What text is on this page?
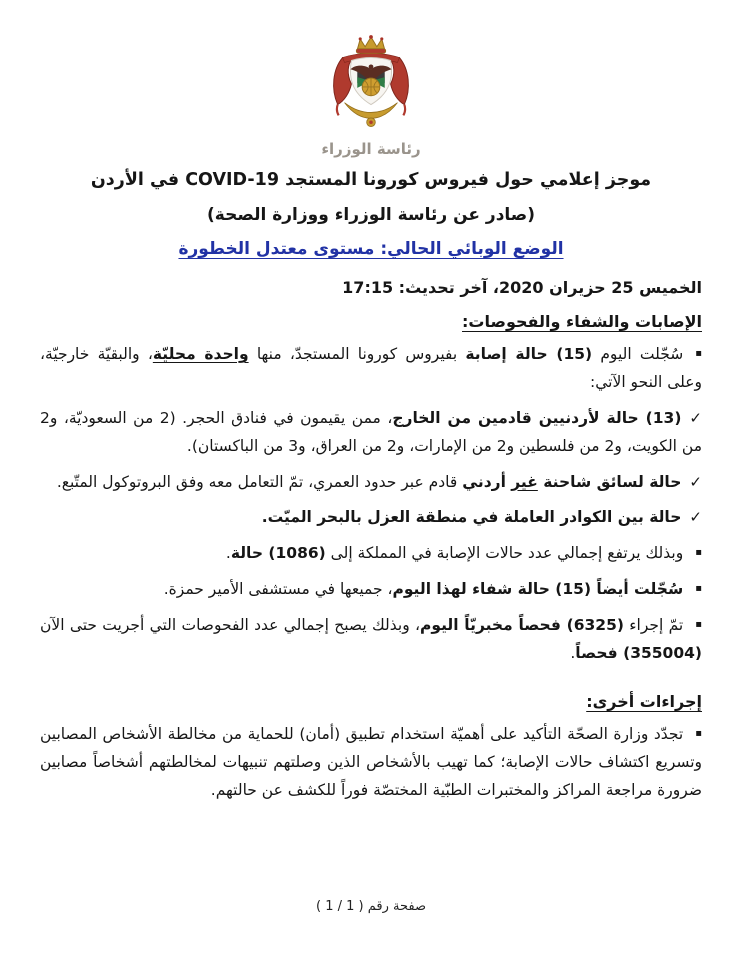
رئاسة الوزراء
موجز إعلامي حول فيروس كورونا المستجد COVID-19 في الأردن
(صادر عن رئاسة الوزراء ووزارة الصحة)
الوضع الوبائي الحالي: مستوى معتدل الخطورة
الخميس 25 حزيران 2020، آخر تحديث: 17:15
الإصابات والشفاء والفحوصات:
▪سُجّلت اليوم (15) حالة إصابة بفيروس كورونا المستجدّ، منها واحدة محليّة، والبقيّة خارجيّة، وعلى النحو الآتي:
✓(13) حالة لأردنيين قادمين من الخارج، ممن يقيمون في فنادق الحجر. (2 من السعوديّة، و2 من الكويت، و2 من فلسطين و2 من الإمارات، و2 من العراق، و3 من الباكستان).
✓حالة لسائق شاحنة غير أردني قادم عبر حدود العمري، تمّ التعامل معه وفق البروتوكول المتّبع.
✓حالة بين الكوادر العاملة في منطقة العزل بالبحر الميّت.
▪وبذلك يرتفع إجمالي عدد حالات الإصابة في المملكة إلى (1086) حالة.
▪سُجّلت أيضاً (15) حالة شفاء لهذا اليوم، جميعها في مستشفى الأمير حمزة.
▪تمّ إجراء (6325) فحصاً مخبريّاً اليوم، وبذلك يصبح إجمالي عدد الفحوصات التي أجريت حتى الآن (355004) فحصاً.
إجراءات أخرى:
▪تجدّد وزارة الصحّة التأكيد على أهميّة استخدام تطبيق (أمان) للحماية من مخالطة الأشخاص المصابين وتسريع اكتشاف حالات الإصابة؛ كما تهيب بالأشخاص الذين وصلتهم تنبيهات لمخالطتهم أشخاصاً مصابين ضرورة مراجعة المراكز والمختبرات الطبّية المختصّة فوراً للكشف عن حالتهم.
صفحة رقم ( 1 / 1 )
